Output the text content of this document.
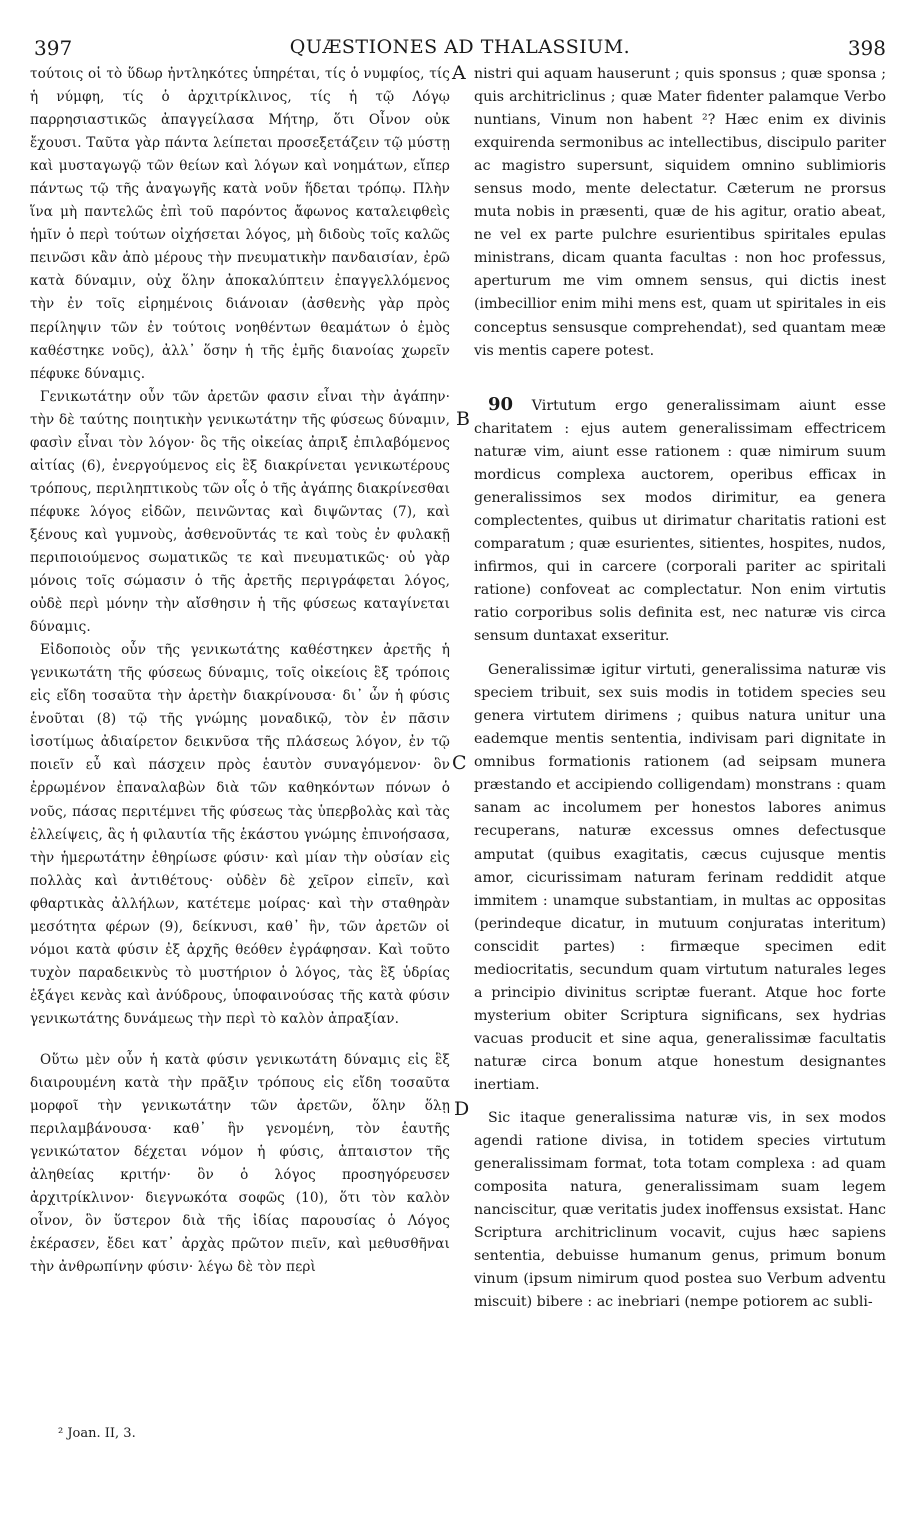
397	QUÆSTIONES AD THALASSIUM.	398

τούτοις οἱ τὸ ὕδωρ ἠντληκότες ὑπηρέται, τίς ὁ νυμφίος, τίς ἡ νύμφη, τίς ὁ ἀρχιτρίκλινος, τίς ἡ τῷ Λόγῳ παρρησιαστικῶς ἀπαγγείλασα Μήτηρ, ὅτι Οἶνον οὐκ ἔχουσι. Ταῦτα γὰρ πάντα λείπεται προσεξετάζειν τῷ μύστῃ καὶ μυσταγωγῷ τῶν θείων καὶ λόγων καὶ νοημάτων, εἴπερ πάντως τῷ τῆς ἀναγωγῆς κατὰ νοῦν ἥδεται τρόπῳ. Πλὴν ἵνα μὴ παντελῶς ἐπὶ τοῦ παρόντος ἄφωνος καταλειφθεὶς ἡμῖν ὁ περὶ τούτων οἰχήσεται λόγος, μὴ διδοὺς τοῖς καλῶς πεινῶσι κἂν ἀπὸ μέρους τὴν πνευματικὴν πανδαισίαν, ἐρῶ κατὰ δύναμιν, οὐχ ὅλην ἀποκαλύπτειν ἐπαγγελλόμενος τὴν ἐν τοῖς εἰρημένοις διάνοιαν (ἀσθενὴς γὰρ πρὸς περίληψιν τῶν ἐν τούτοις νοηθέντων θεαμάτων ὁ ἐμὸς καθέστηκε νοῦς), ἀλλ᾽ ὅσην ἡ τῆς ἐμῆς διανοίας χωρεῖν πέφυκε δύναμις.

Γενικωτάτην οὖν τῶν ἀρετῶν φασιν εἶναι τὴν ἀγάπην· τὴν δὲ ταύτης ποιητικὴν γενικωτάτην τῆς φύσεως δύναμιν, φασὶν εἶναι τὸν λόγον· ὃς τῆς οἰκείας ἀπριξ ἐπιλαβόμενος αἰτίας (6), ἐνεργούμενος εἰς ἓξ διακρίνεται γενικωτέρους τρόπους, περιληπτικοὺς τῶν οἷς ὁ τῆς ἀγάπης διακρίνεσθαι πέφυκε λόγος εἰδῶν, πεινῶντας καὶ διψῶντας (7), καὶ ξένους καὶ γυμνοὺς, ἀσθενοῦντάς τε καὶ τοὺς ἐν φυλακῇ περιποιούμενος σωματικῶς τε καὶ πνευματικῶς· οὐ γὰρ μόνοις τοῖς σώμασιν ὁ τῆς ἀρετῆς περιγράφεται λόγος, οὐδὲ περὶ μόνην τὴν αἴσθησιν ἡ τῆς φύσεως καταγίνεται δύναμις.

Εἰδοποιὸς οὖν τῆς γενικωτάτης καθέστηκεν ἀρετῆς ἡ γενικωτάτη τῆς φύσεως δύναμις, τοῖς οἰκείοις ἓξ τρόποις εἰς εἴδη τοσαῦτα τὴν ἀρετὴν διακρίνουσα· δι᾽ ὧν ἡ φύσις ἑνοῦται (8) τῷ τῆς γνώμης μοναδικῷ, τὸν ἐν πᾶσιν ἰσοτίμως ἀδιαίρετον δεικνῦσα τῆς πλάσεως λόγον, ἐν τῷ ποιεῖν εὖ καὶ πάσχειν πρὸς ἑαυτὸν συναγόμενον· ὃν ἐρρωμένον ἐπαναλαβὼν διὰ τῶν καθηκόντων πόνων ὁ νοῦς, πάσας περιτέμνει τῆς φύσεως τὰς ὑπερβολὰς καὶ τὰς ἐλλείψεις, ἃς ἡ φιλαυτία τῆς ἑκάστου γνώμης ἐπινοήσασα, τὴν ἡμερωτάτην ἐθηρίωσε φύσιν· καὶ μίαν τὴν οὐσίαν εἰς πολλὰς καὶ ἀντιθέτους· οὐδὲν δὲ χεῖρον εἰπεῖν, καὶ φθαρτικὰς ἀλλήλων, κατέτεμε μοίρας· καὶ τὴν σταθηρὰν μεσότητα φέρων (9), δείκνυσι, καθ᾽ ἣν, τῶν ἀρετῶν οἱ νόμοι κατὰ φύσιν ἐξ ἀρχῆς θεόθεν ἐγράφησαν. Καὶ τοῦτο τυχὸν παραδεικνὺς τὸ μυστήριον ὁ λόγος, τὰς ἓξ ὑδρίας ἐξάγει κενὰς καὶ ἀνύδρους, ὑποφαινούσας τῆς κατὰ φύσιν γενικωτάτης δυνάμεως τὴν περὶ τὸ καλὸν ἀπραξίαν.

Οὕτω μὲν οὖν ἡ κατὰ φύσιν γενικωτάτη δύναμις εἰς ἓξ διαιρουμένη κατὰ τὴν πρᾶξιν τρόπους εἰς εἴδη τοσαῦτα μορφοῖ τὴν γενικωτάτην τῶν ἀρετῶν, ὅλην ὅλῃ περιλαμβάνουσα· καθ᾽ ἣν γενομένη, τὸν ἑαυτῆς γενικώτατον δέχεται νόμον ἡ φύσις, ἀπταιστον τῆς ἀληθείας κριτήν· ὃν ὁ λόγος προσηγόρευσεν ἀρχιτρίκλινον· διεγνωκότα σοφῶς (10), ὅτι τὸν καλὸν οἶνον, ὃν ὕστερον διὰ τῆς ἰδίας παρουσίας ὁ Λόγος ἐκέρασεν, ἔδει κατ᾽ ἀρχὰς πρῶτον πιεῖν, καὶ μεθυσθῆναι τὴν ἀνθρωπίνην φύσιν· λέγω δὲ τὸν περὶ

A
B
C
D

nistri qui aquam hauserunt ; quis sponsus ; quæ sponsa ; quis architriclinus ; quæ Mater fidenter palamque Verbo nuntians, Vinum non habent ²? Hæc enim ex divinis exquirenda sermonibus ac intellectibus, discipulo pariter ac magistro supersunt, siquidem omnino sublimioris sensus modo, mente delectatur. Cæterum ne prorsus muta nobis in præsenti, quæ de his agitur, oratio abeat, ne vel ex parte pulchre esurientibus spiritales epulas ministrans, dicam quanta facultas : non hoc professus, aperturum me vim omnem sensus, qui dictis inest (imbecillior enim mihi mens est, quam ut spiritales in eis conceptus sensusque comprehendat), sed quantam meæ vis mentis capere potest.

90 Virtutum ergo generalissimam aiunt esse charitatem : ejus autem generalissimam effectricem naturæ vim, aiunt esse rationem : quæ nimirum suum mordicus complexa auctorem, operibus efficax in generalissimos sex modos dirimitur, ea genera complectentes, quibus ut dirimatur charitatis rationi est comparatum ; quæ esurientes, sitientes, hospites, nudos, infirmos, qui in carcere (corporali pariter ac spiritali ratione) confoveat ac complectatur. Non enim virtutis ratio corporibus solis definita est, nec naturæ vis circa sensum duntaxat exseritur.

Generalissimæ igitur virtuti, generalissima naturæ vis speciem tribuit, sex suis modis in totidem species seu genera virtutem dirimens ; quibus natura unitur una eademque mentis sententia, indivisam pari dignitate in omnibus formationis rationem (ad seipsam munera præstando et accipiendo colligendam) monstrans : quam sanam ac incolumem per honestos labores animus recuperans, naturæ excessus omnes defectusque amputat (quibus exagitatis, cæcus cujusque mentis amor, cicurissimam naturam ferinam reddidit atque immitem : unamque substantiam, in multas ac oppositas (perindeque dicatur, in mutuum conjuratas interitum) conscidit partes) : firmæque specimen edit mediocritatis, secundum quam virtutum naturales leges a principio divinitus scriptæ fuerant. Atque hoc forte mysterium obiter Scriptura significans, sex hydrias vacuas producit et sine aqua, generalissimæ facultatis naturæ circa bonum atque honestum designantes inertiam.

Sic itaque generalissima naturæ vis, in sex modos agendi ratione divisa, in totidem species virtutum generalissimam format, tota totam complexa : ad quam composita natura, generalissimam suam legem nanciscitur, quæ veritatis judex inoffensus exsistat. Hanc Scriptura architriclinum vocavit, cujus hæc sapiens sententia, debuisse humanum genus, primum bonum vinum (ipsum nimirum quod postea suo Verbum adventu miscuit) bibere : ac inebriari (nempe potiorem ac subli-

² Joan. II, 3.
